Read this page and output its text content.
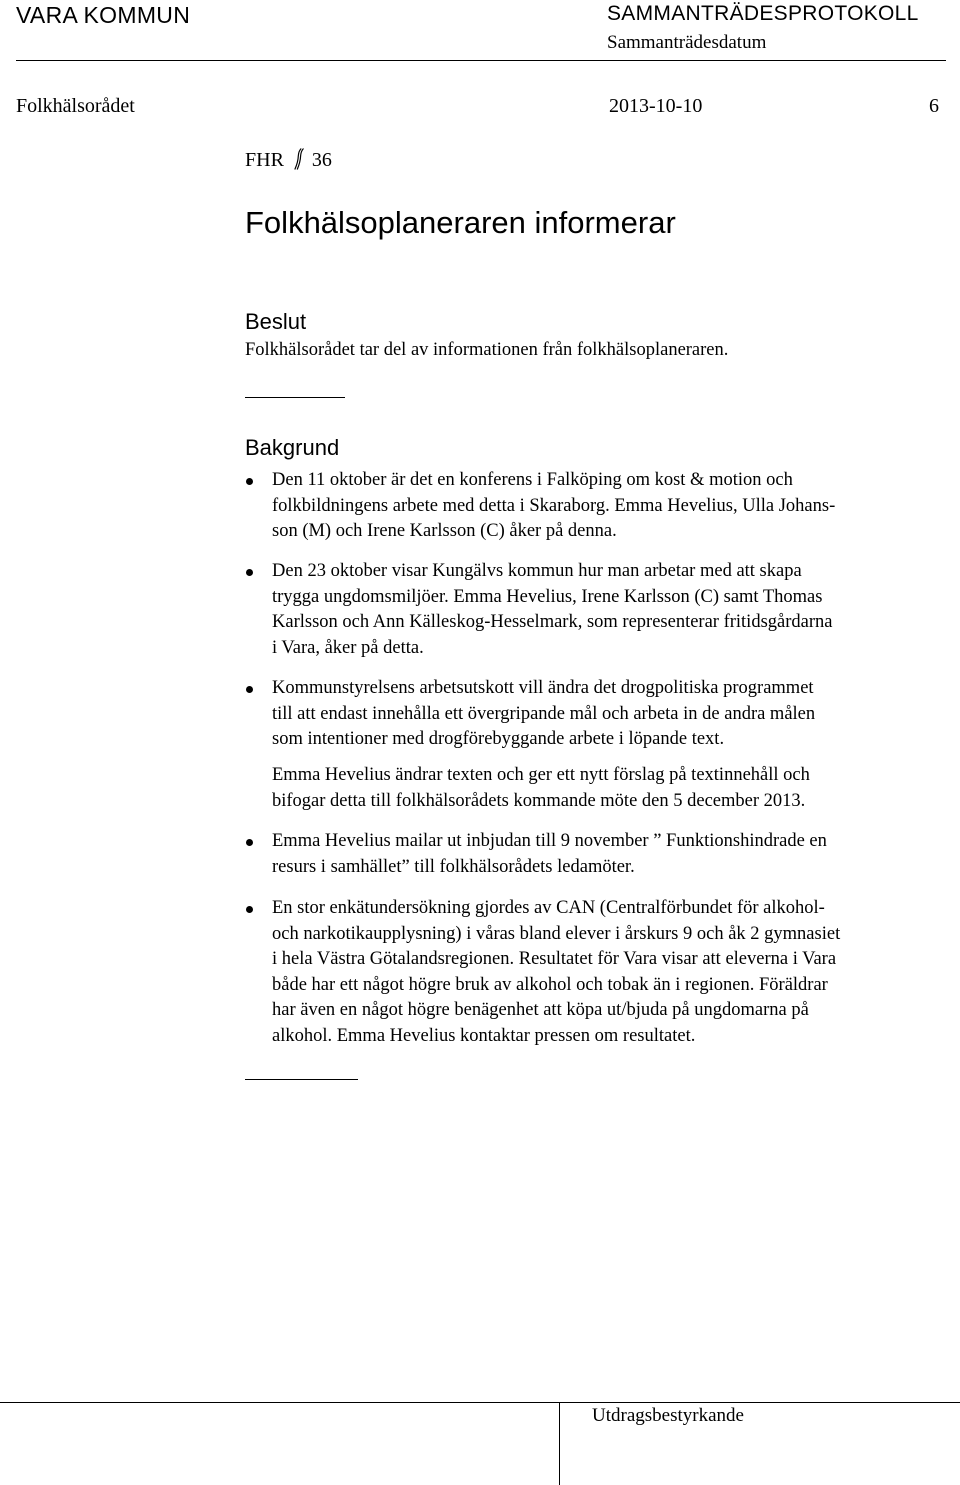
VARA KOMMUN	SAMMANTRÄDESPROTOKOLL
Sammanträdesdatum
Folkhälsorådet	2013-10-10	6
FHR 36
Folkhälsoplaneraren informerar
Beslut
Folkhälsorådet tar del av informationen från folkhälsoplaneraren.
Bakgrund
Den 11 oktober är det en konferens i Falköping om kost & motion och
folkbildningens arbete med detta i Skaraborg. Emma Hevelius, Ulla Johans-
son (M) och Irene Karlsson (C) åker på denna.
Den 23 oktober visar Kungälvs kommun hur man arbetar med att skapa
trygga ungdomsmiljöer. Emma Hevelius, Irene Karlsson (C) samt Thomas
Karlsson och Ann Källeskog-Hesselmark, som representerar fritidsgårdarna
i Vara, åker på detta.
Kommunstyrelsens arbetsutskott vill ändra det drogpolitiska programmet
till att endast innehålla ett övergripande mål och arbeta in de andra målen
som intentioner med drogförebyggande arbete i löpande text.
Emma Hevelius ändrar texten och ger ett nytt förslag på textinnehåll och
bifogar detta till folkhälsorådets kommande möte den 5 december 2013.
Emma Hevelius mailar ut inbjudan till 9 november ” Funktionshindrade en
resurs i samhället” till folkhälsorådets ledamöter.
En stor enkätundersökning gjordes av CAN (Centralförbundet för alkohol-
och narkotikaupplysning) i våras bland elever i årskurs 9 och åk 2 gymnasiet
i hela Västra Götalandsregionen. Resultatet för Vara visar att eleverna i Vara
både har ett något högre bruk av alkohol och tobak än i regionen. Föräldrar
har även en något högre benägenhet att köpa ut/bjuda på ungdomarna på
alkohol. Emma Hevelius kontaktar pressen om resultatet.
Utdragsbestyrkande
